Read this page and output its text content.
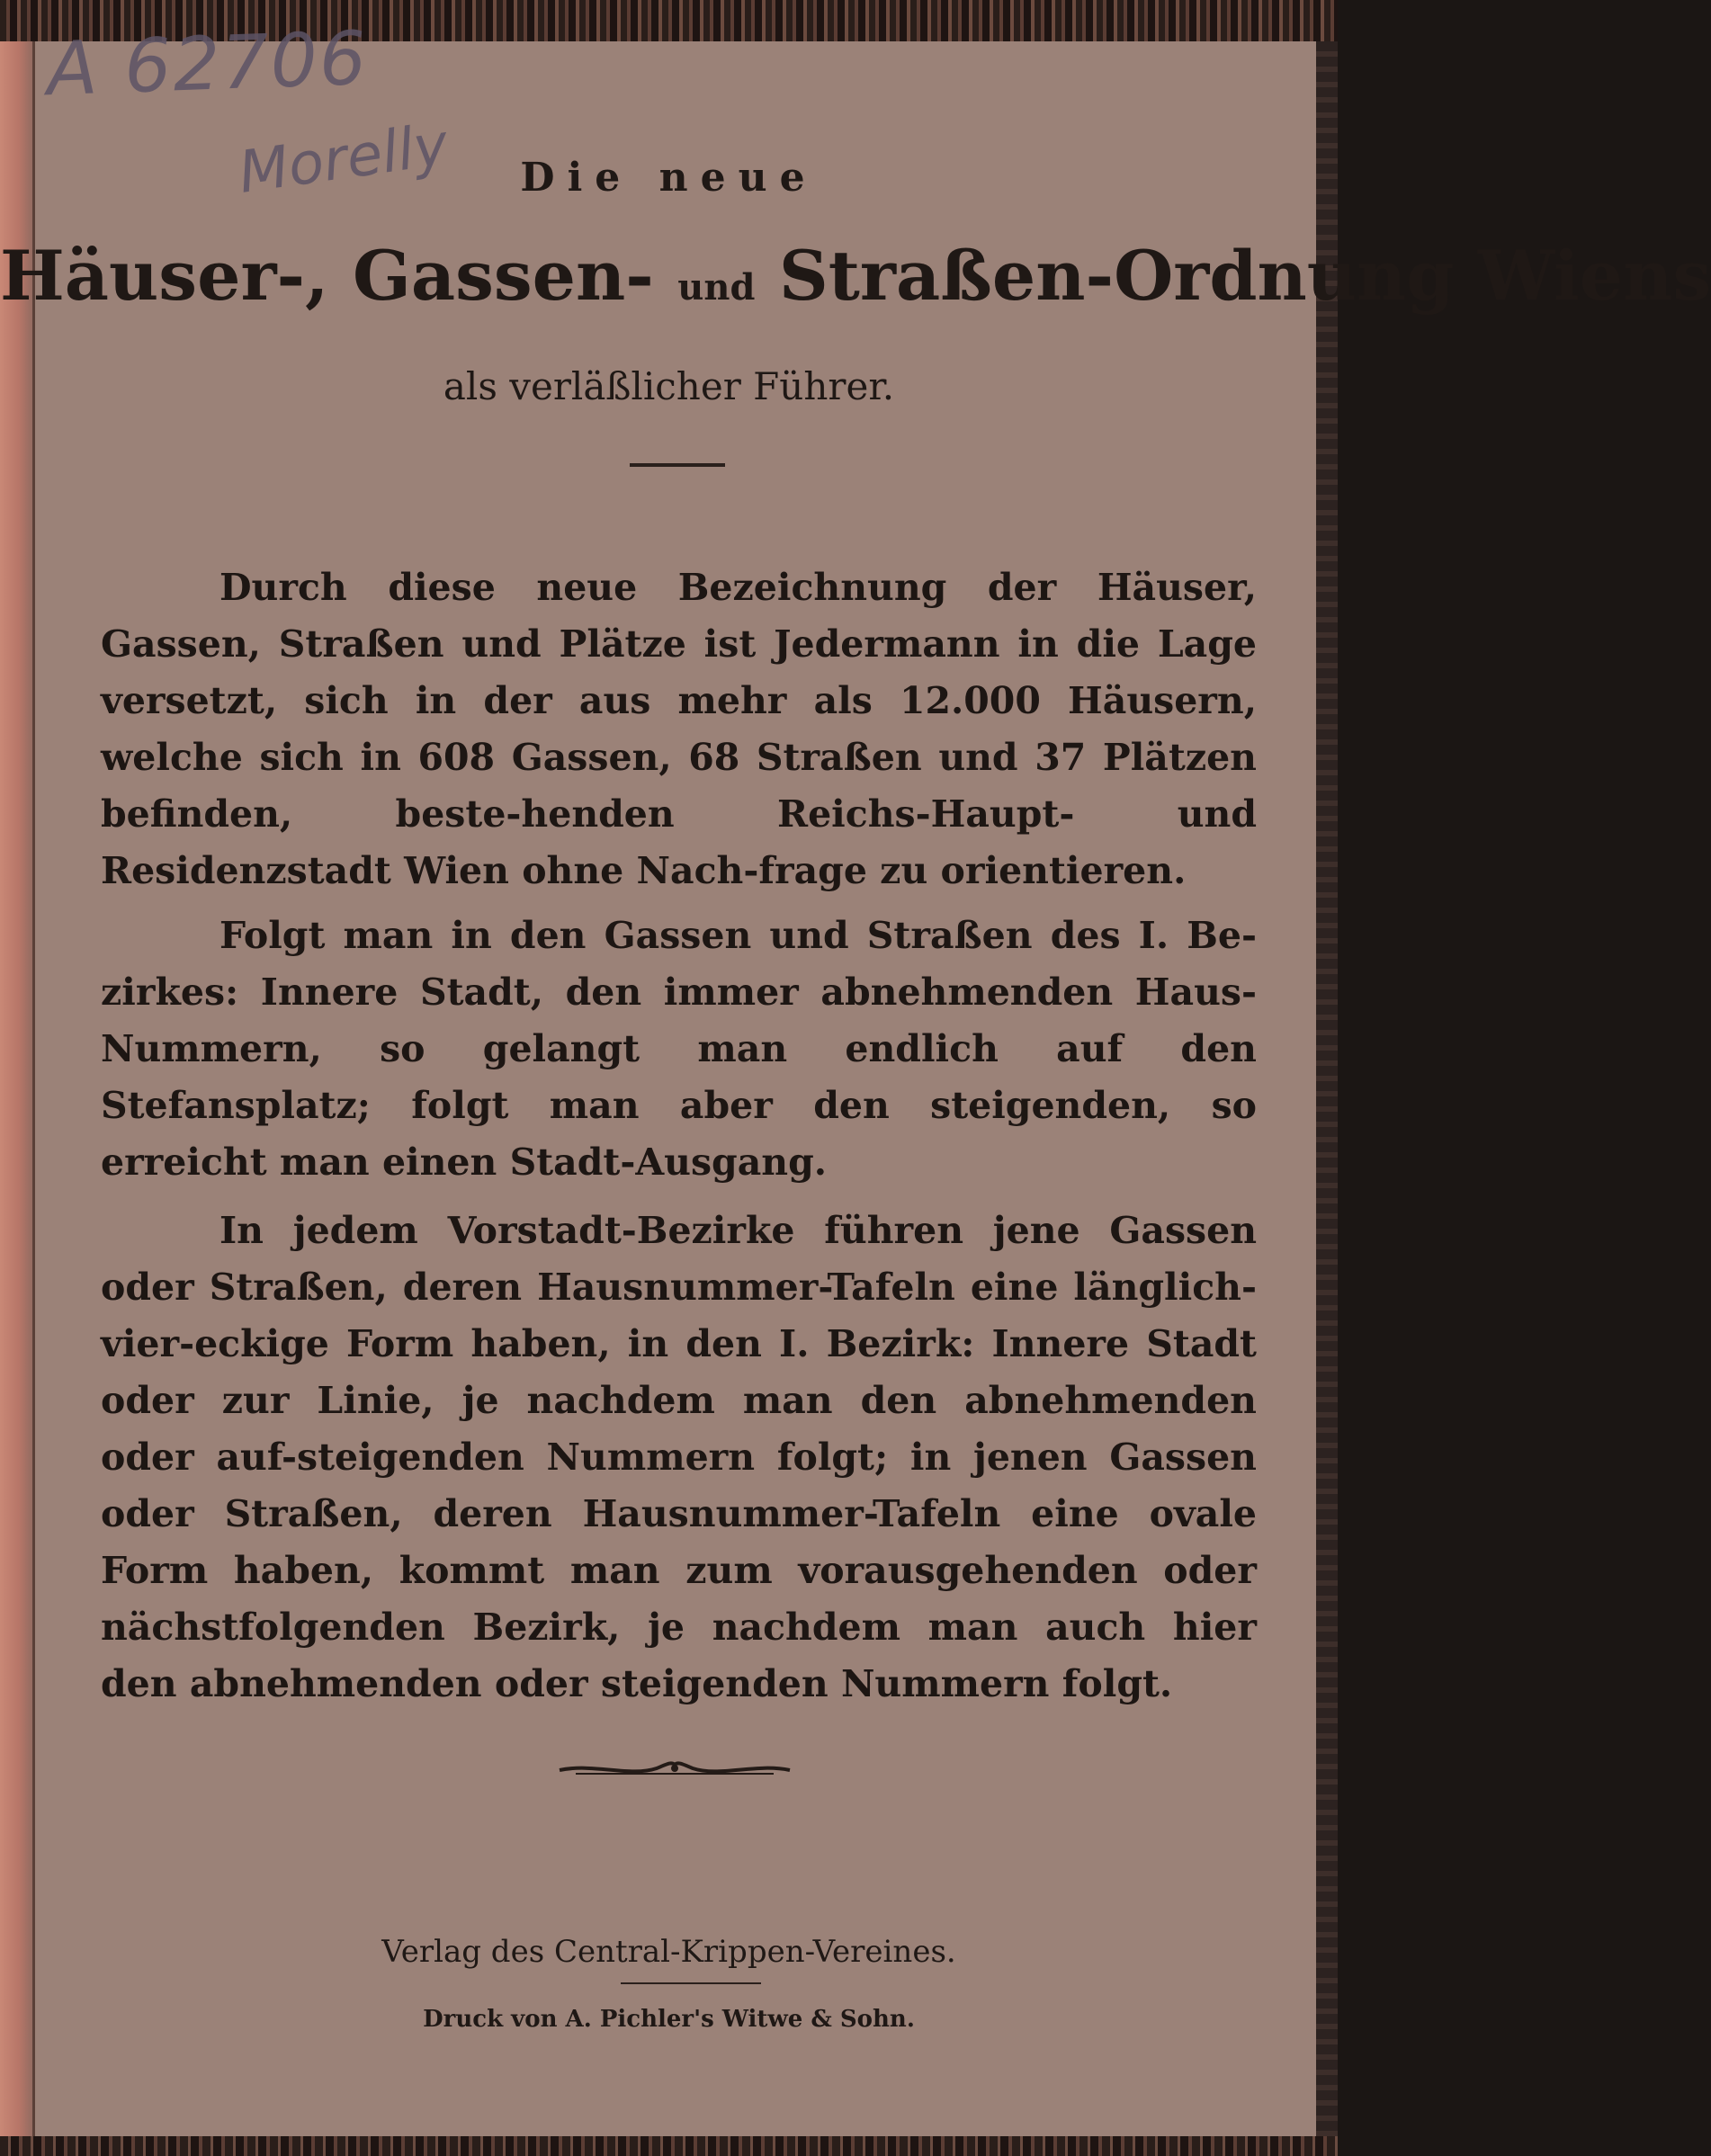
A 62706
Morelly	Die neue
Häuser-, Gassen- und Straßen-Ordnung Wiens
als verläßlicher Führer.

Durch diese neue Bezeichnung der Häuser, Gassen, Straßen und Plätze ist Jedermann in die Lage versetzt, sich in der aus mehr als 12.000 Häusern, welche sich in 608 Gassen, 68 Straßen und 37 Plätzen befinden, beste-henden Reichs-Haupt- und Residenzstadt Wien ohne Nach-frage zu orientieren.

Folgt man in den Gassen und Straßen des I. Be-zirkes: Innere Stadt, den immer abnehmenden Haus-Nummern, so gelangt man endlich auf den Stefansplatz; folgt man aber den steigenden, so erreicht man einen Stadt-Ausgang.

In jedem Vorstadt-Bezirke führen jene Gassen oder Straßen, deren Hausnummer-Tafeln eine länglich-vier-eckige Form haben, in den I. Bezirk: Innere Stadt oder zur Linie, je nachdem man den abnehmenden oder auf-steigenden Nummern folgt; in jenen Gassen oder Straßen, deren Hausnummer-Tafeln eine ovale Form haben, kommt man zum vorausgehenden oder nächstfolgenden Bezirk, je nachdem man auch hier den abnehmenden oder steigenden Nummern folgt.

Verlag des Central-Krippen-Vereines.
Druck von A. Pichler's Witwe & Sohn.
